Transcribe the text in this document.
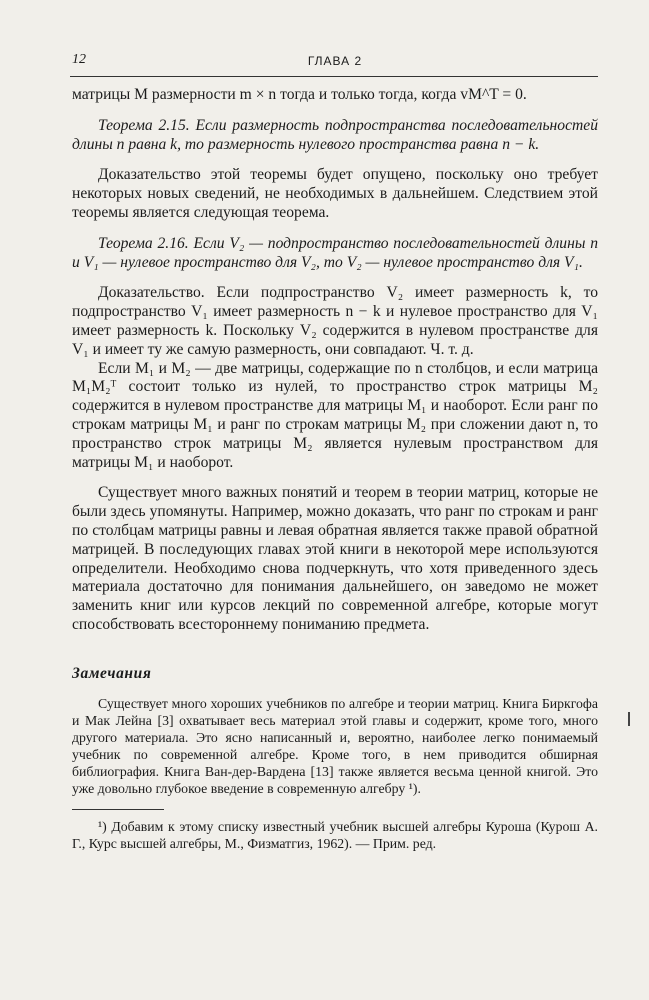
12	ГЛАВА 2

матрицы M размерности m × n тогда и только тогда, когда vM^T = 0.

Теорема 2.15. Если размерность подпространства последовательностей длины n равна k, то размерность нулевого пространства равна n − k.

Доказательство этой теоремы будет опущено, поскольку оно требует некоторых новых сведений, не необходимых в дальнейшем. Следствием этой теоремы является следующая теорема.

Теорема 2.16. Если V₂ — подпространство последовательностей длины n и V₁ — нулевое пространство для V₂, то V₂ — нулевое пространство для V₁.

Доказательство. Если подпространство V₂ имеет размерность k, то подпространство V₁ имеет размерность n − k и нулевое пространство для V₁ имеет размерность k. Поскольку V₂ содержится в нулевом пространстве для V₁ и имеет ту же самую размерность, они совпадают. Ч. т. д.

Если M₁ и M₂ — две матрицы, содержащие по n столбцов, и если матрица M₁M₂ᵀ состоит только из нулей, то пространство строк матрицы M₂ содержится в нулевом пространстве для матрицы M₁ и наоборот. Если ранг по строкам матрицы M₁ и ранг по строкам матрицы M₂ при сложении дают n, то пространство строк матрицы M₂ является нулевым пространством для матрицы M₁ и наоборот.

Существует много важных понятий и теорем в теории матриц, которые не были здесь упомянуты. Например, можно доказать, что ранг по строкам и ранг по столбцам матрицы равны и левая обратная является также правой обратной матрицей. В последующих главах этой книги в некоторой мере используются определители. Необходимо снова подчеркнуть, что хотя приведенного здесь материала достаточно для понимания дальнейшего, он заведомо не может заменить книг или курсов лекций по современной алгебре, которые могут способствовать всестороннему пониманию предмета.

Замечания

Существует много хороших учебников по алгебре и теории матриц. Книга Биркгофа и Мак Лейна [3] охватывает весь материал этой главы и содержит, кроме того, много другого материала. Это ясно написанный и, вероятно, наиболее легко понимаемый учебник по современной алгебре. Кроме того, в нем приводится обширная библиография. Книга Ван-дер-Вардена [13] также является весьма ценной книгой. Это уже довольно глубокое введение в современную алгебру ¹).

¹) Добавим к этому списку известный учебник высшей алгебры Куроша (Курош А. Г., Курс высшей алгебры, М., Физматгиз, 1962). — Прим. ред.
